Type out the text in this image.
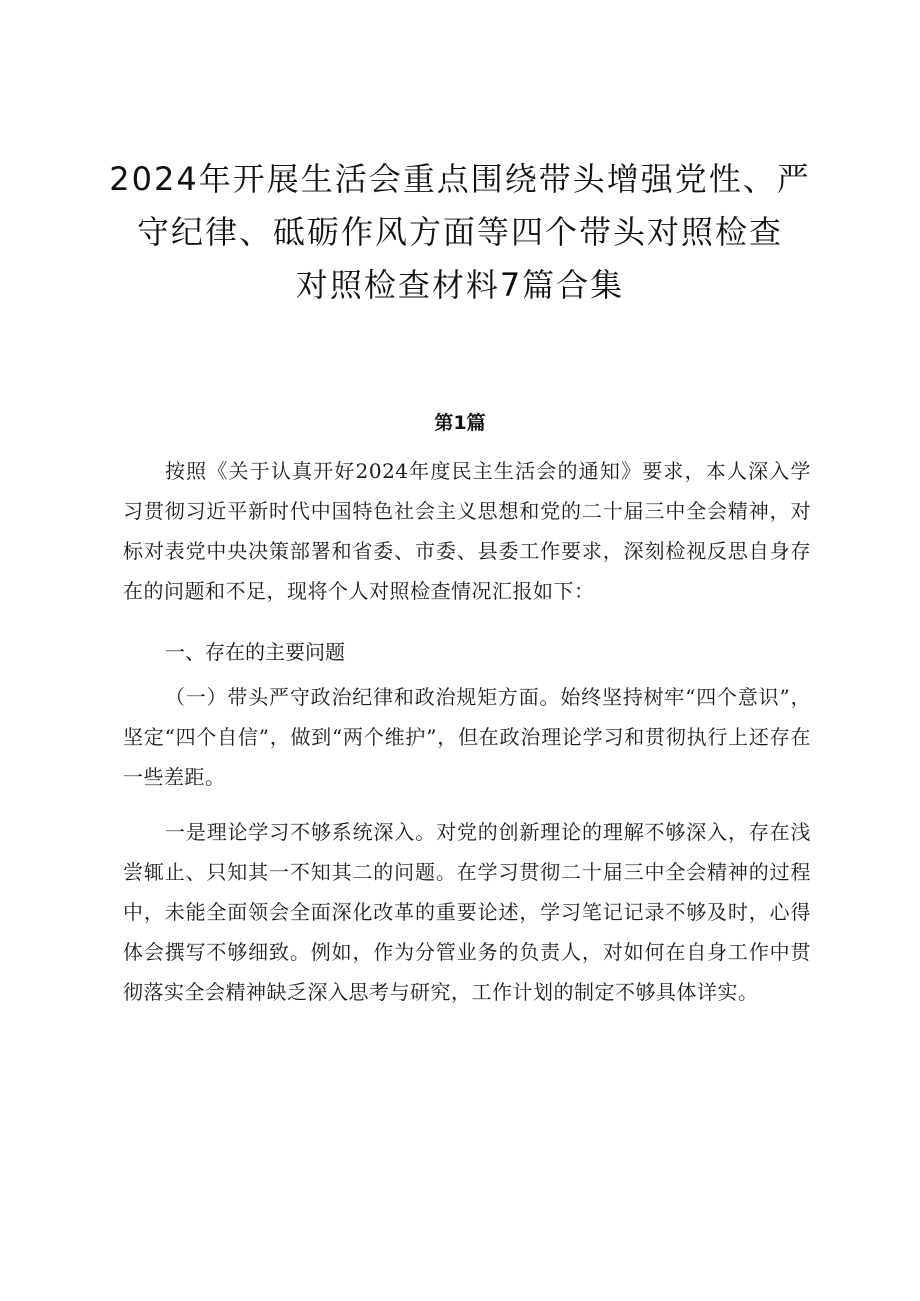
2024年开展生活会重点围绕带头增强党性、严
守纪律、砥砺作风方面等四个带头对照检查
对照检查材料7篇合集
第1篇

按照《关于认真开好2024年度民主生活会的通知》要求，本人深入学习贯彻习近平新时代中国特色社会主义思想和党的二十届三中全会精神，对标对表党中央决策部署和省委、市委、县委工作要求，深刻检视反思自身存在的问题和不足，现将个人对照检查情况汇报如下：

一、存在的主要问题

（一）带头严守政治纪律和政治规矩方面。始终坚持树牢“四个意识”，坚定“四个自信”，做到“两个维护”，但在政治理论学习和贯彻执行上还存在一些差距。

一是理论学习不够系统深入。对党的创新理论的理解不够深入，存在浅尝辄止、只知其一不知其二的问题。在学习贯彻二十届三中全会精神的过程中，未能全面领会全面深化改革的重要论述，学习笔记记录不够及时，心得体会撰写不够细致。例如，作为分管业务的负责人，对如何在自身工作中贯彻落实全会精神缺乏深入思考与研究，工作计划的制定不够具体详实。
